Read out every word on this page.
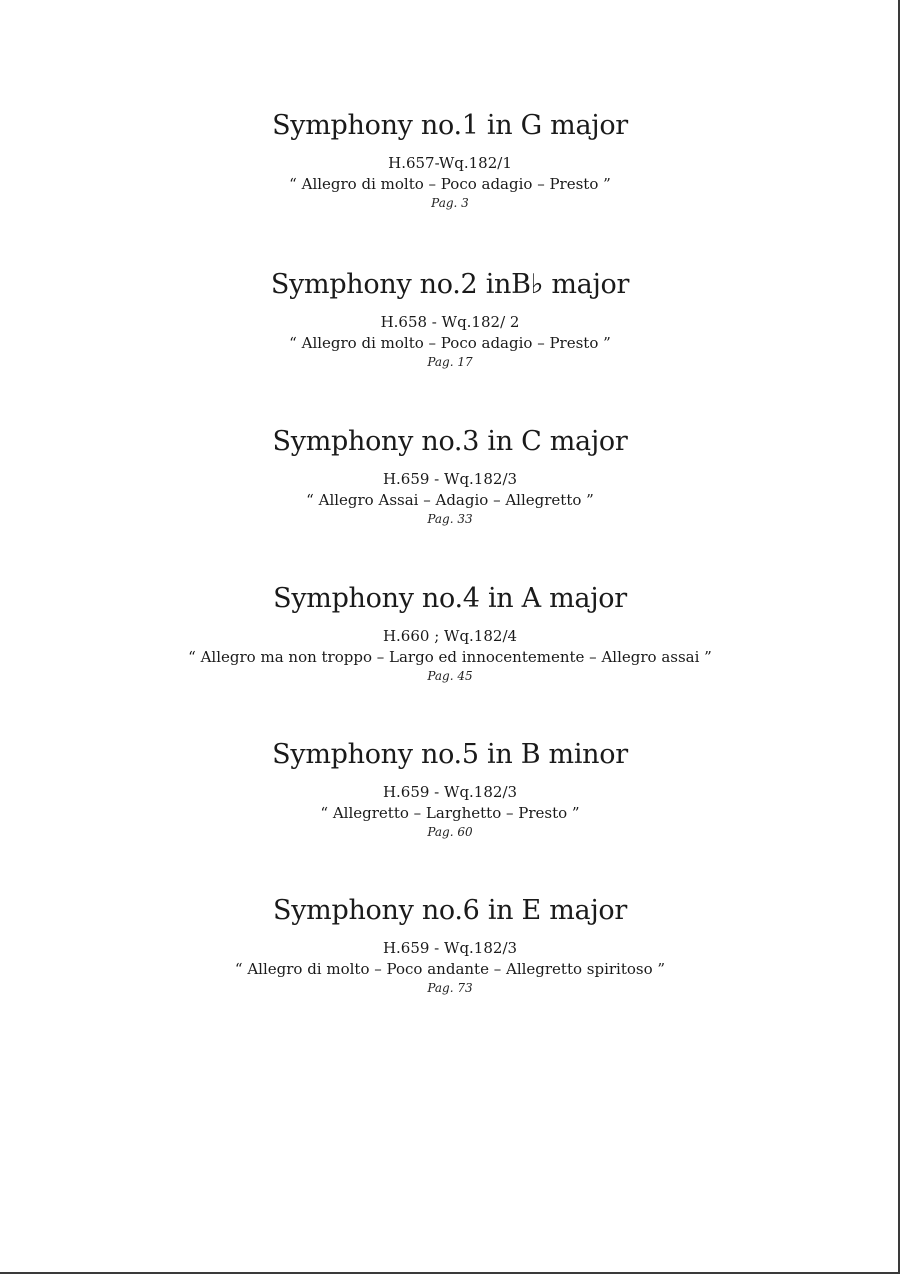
Symphony no.1 in G major
H.657-Wq.182/1
“ Allegro di molto – Poco adagio – Presto ”
Pag. 3
Symphony no.2 inB♭ major
H.658 - Wq.182/ 2
“ Allegro di molto – Poco adagio – Presto ”
Pag. 17
Symphony no.3 in C major
H.659 - Wq.182/3
“ Allegro Assai – Adagio – Allegretto ”
Pag. 33
Symphony no.4 in A major
H.660 ; Wq.182/4
“ Allegro ma non troppo – Largo ed innocentemente – Allegro assai ”
Pag. 45
Symphony no.5 in B minor
H.659 - Wq.182/3
“ Allegretto – Larghetto – Presto ”
Pag. 60
Symphony no.6 in E major
H.659 - Wq.182/3
“ Allegro di molto – Poco andante – Allegretto spiritoso ”
Pag. 73
